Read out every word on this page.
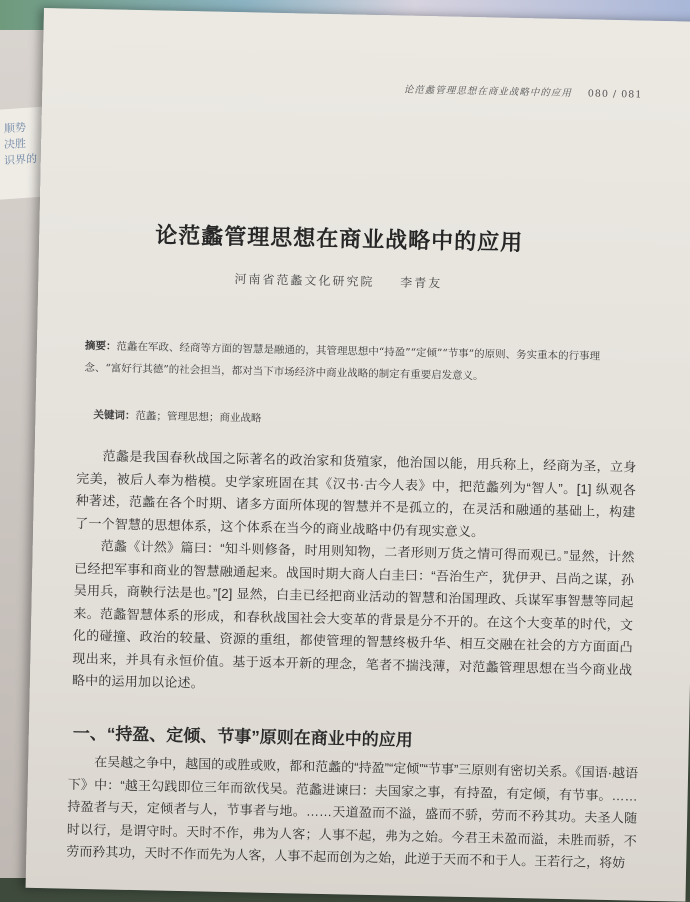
顺势
决胜
识界的
论范蠡管理思想在商业战略中的应用 080 / 081
论范蠡管理思想在商业战略中的应用
河南省范蠡文化研究院 李青友
摘要：范蠡在军政、经商等方面的智慧是融通的，其管理思想中“持盈”“定倾”“节事”的原则、务实重本的行事理念、“富好行其德”的社会担当，都对当下市场经济中商业战略的制定有重要启发意义。
关键词：范蠡；管理思想；商业战略

范蠡是我国春秋战国之际著名的政治家和货殖家，他治国以能，用兵称上，经商为圣，立身完美，被后人奉为楷模。史学家班固在其《汉书·古今人表》中，把范蠡列为“智人”。[1] 纵观各种著述，范蠡在各个时期、诸多方面所体现的智慧并不是孤立的，在灵活和融通的基础上，构建了一个智慧的思想体系，这个体系在当今的商业战略中仍有现实意义。

范蠡《计然》篇曰：“知斗则修备，时用则知物，二者形则万货之情可得而观已。”显然，计然已经把军事和商业的智慧融通起来。战国时期大商人白圭曰：“吾治生产，犹伊尹、吕尚之谋，孙吴用兵，商鞅行法是也。”[2] 显然，白圭已经把商业活动的智慧和治国理政、兵谋军事智慧等同起来。范蠡智慧体系的形成，和春秋战国社会大变革的背景是分不开的。在这个大变革的时代，文化的碰撞、政治的较量、资源的重组，都使管理的智慧终极升华、相互交融在社会的方方面面凸现出来，并具有永恒价值。基于返本开新的理念，笔者不揣浅薄，对范蠡管理思想在当今商业战略中的运用加以论述。

一、“持盈、定倾、节事”原则在商业中的应用

在吴越之争中，越国的或胜或败，都和范蠡的“持盈”“定倾”“节事”三原则有密切关系。《国语·越语下》中：“越王勾践即位三年而欲伐吴。范蠡进谏曰：夫国家之事，有持盈，有定倾，有节事。……持盈者与天，定倾者与人，节事者与地。……天道盈而不溢，盛而不骄，劳而不矜其功。夫圣人随时以行，是谓守时。天时不作，弗为人客；人事不起，弗为之始。今君王未盈而溢，未胜而骄，不劳而矜其功，天时不作而先为人客，人事不起而创为之始，此逆于天而不和于人。王若行之，将妨
